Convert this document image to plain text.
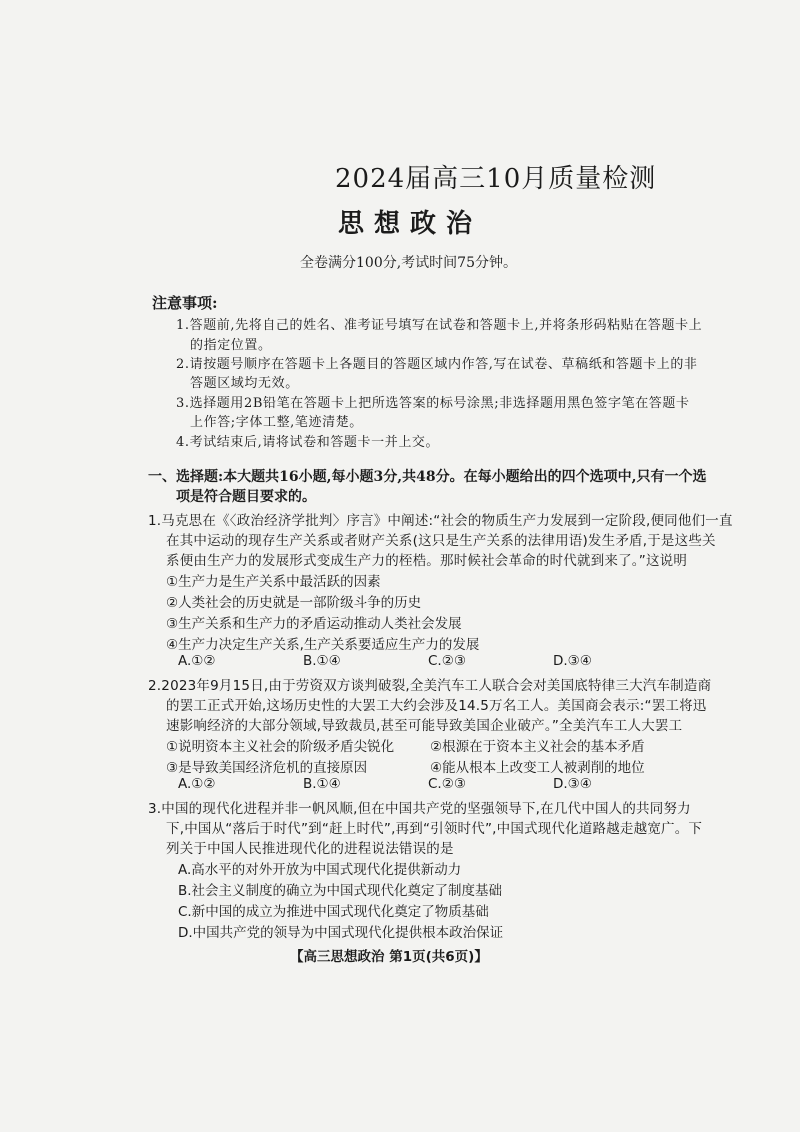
2024届高三10月质量检测
思想政治
全卷满分100分,考试时间75分钟。
注意事项:
1.答题前,先将自己的姓名、准考证号填写在试卷和答题卡上,并将条形码粘贴在答题卡上
的指定位置。
2.请按题号顺序在答题卡上各题目的答题区域内作答,写在试卷、草稿纸和答题卡上的非
答题区域均无效。
3.选择题用2B铅笔在答题卡上把所选答案的标号涂黑;非选择题用黑色签字笔在答题卡
上作答;字体工整,笔迹清楚。
4.考试结束后,请将试卷和答题卡一并上交。
一、选择题:本大题共16小题,每小题3分,共48分。在每小题给出的四个选项中,只有一个选
项是符合题目要求的。
1.马克思在《〈政治经济学批判〉序言》中阐述:“社会的物质生产力发展到一定阶段,便同他们一直
在其中运动的现存生产关系或者财产关系(这只是生产关系的法律用语)发生矛盾,于是这些关
系便由生产力的发展形式变成生产力的桎梏。那时候社会革命的时代就到来了。”这说明
①生产力是生产关系中最活跃的因素
②人类社会的历史就是一部阶级斗争的历史
③生产关系和生产力的矛盾运动推动人类社会发展
④生产力决定生产关系,生产关系要适应生产力的发展
A.①②	B.①④	C.②③	D.③④
2.2023年9月15日,由于劳资双方谈判破裂,全美汽车工人联合会对美国底特律三大汽车制造商
的罢工正式开始,这场历史性的大罢工大约会涉及14.5万名工人。美国商会表示:“罢工将迅
速影响经济的大部分领域,导致裁员,甚至可能导致美国企业破产。”全美汽车工人大罢工
①说明资本主义社会的阶级矛盾尖锐化	②根源在于资本主义社会的基本矛盾
③是导致美国经济危机的直接原因	④能从根本上改变工人被剥削的地位
A.①②	B.①④	C.②③	D.③④
3.中国的现代化进程并非一帆风顺,但在中国共产党的坚强领导下,在几代中国人的共同努力
下,中国从“落后于时代”到“赶上时代”,再到“引领时代”,中国式现代化道路越走越宽广。下
列关于中国人民推进现代化的进程说法错误的是
A.高水平的对外开放为中国式现代化提供新动力
B.社会主义制度的确立为中国式现代化奠定了制度基础
C.新中国的成立为推进中国式现代化奠定了物质基础
D.中国共产党的领导为中国式现代化提供根本政治保证
【高三思想政治 第1页(共6页)】
